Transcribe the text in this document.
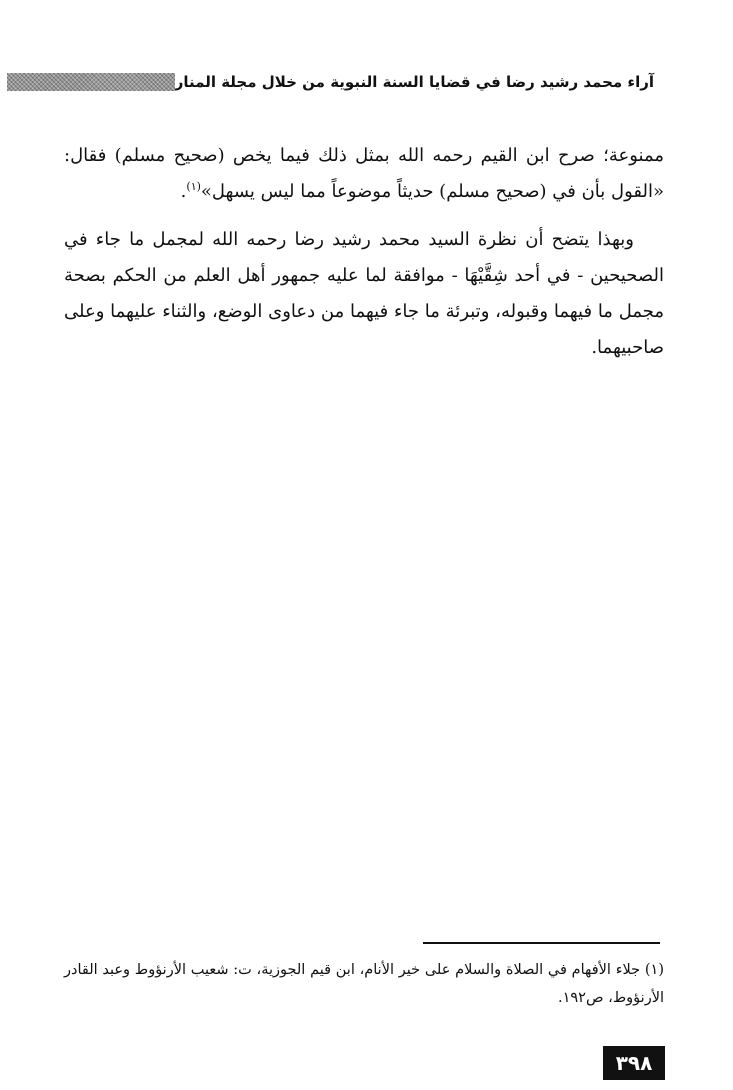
آراء محمد رشيد رضا في قضايا السنة النبوية من خلال مجلة المنار

ممنوعة؛ صرح ابن القيم رحمه الله بمثل ذلك فيما يخص (صحيح مسلم) فقال: «القول بأن في (صحيح مسلم) حديثاً موضوعاً مما ليس يسهل»$^{(١)}$.

وبهذا يتضح أن نظرة السيد محمد رشيد رضا رحمه الله لمجمل ما جاء في الصحيحين - في أحد شِقَّيْهَا - موافقة لما عليه جمهور أهل العلم من الحكم بصحة مجمل ما فيهما وقبوله، وتبرئة ما جاء فيهما من دعاوى الوضع، والثناء عليهما وعلى صاحبيهما.

(١) جلاء الأفهام في الصلاة والسلام على خير الأنام، ابن قيم الجوزية، ت: شعيب الأرنؤوط وعبد القادر الأرنؤوط، ص١٩٢.

٣٩٨
